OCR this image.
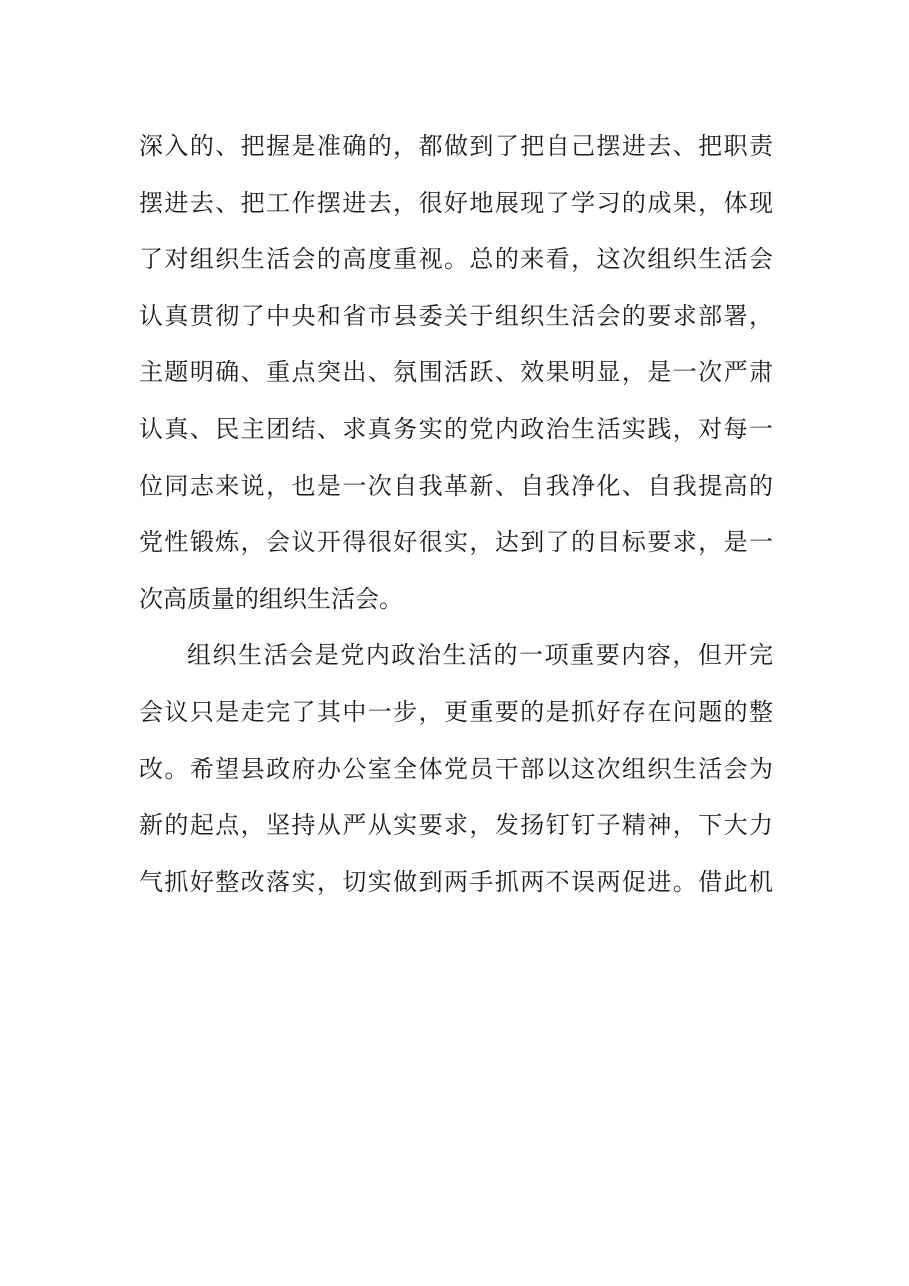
深入的、把握是准确的，都做到了把自己摆进去、把职责
摆进去、把工作摆进去，很好地展现了学习的成果，体现
了对组织生活会的高度重视。总的来看，这次组织生活会
认真贯彻了中央和省市县委关于组织生活会的要求部署，
主题明确、重点突出、氛围活跃、效果明显，是一次严肃
认真、民主团结、求真务实的党内政治生活实践，对每一
位同志来说，也是一次自我革新、自我净化、自我提高的
党性锻炼，会议开得很好很实，达到了的目标要求，是一
次高质量的组织生活会。
组织生活会是党内政治生活的一项重要内容，但开完
会议只是走完了其中一步，更重要的是抓好存在问题的整
改。希望县政府办公室全体党员干部以这次组织生活会为
新的起点，坚持从严从实要求，发扬钉钉子精神，下大力
气抓好整改落实，切实做到两手抓两不误两促进。借此机
